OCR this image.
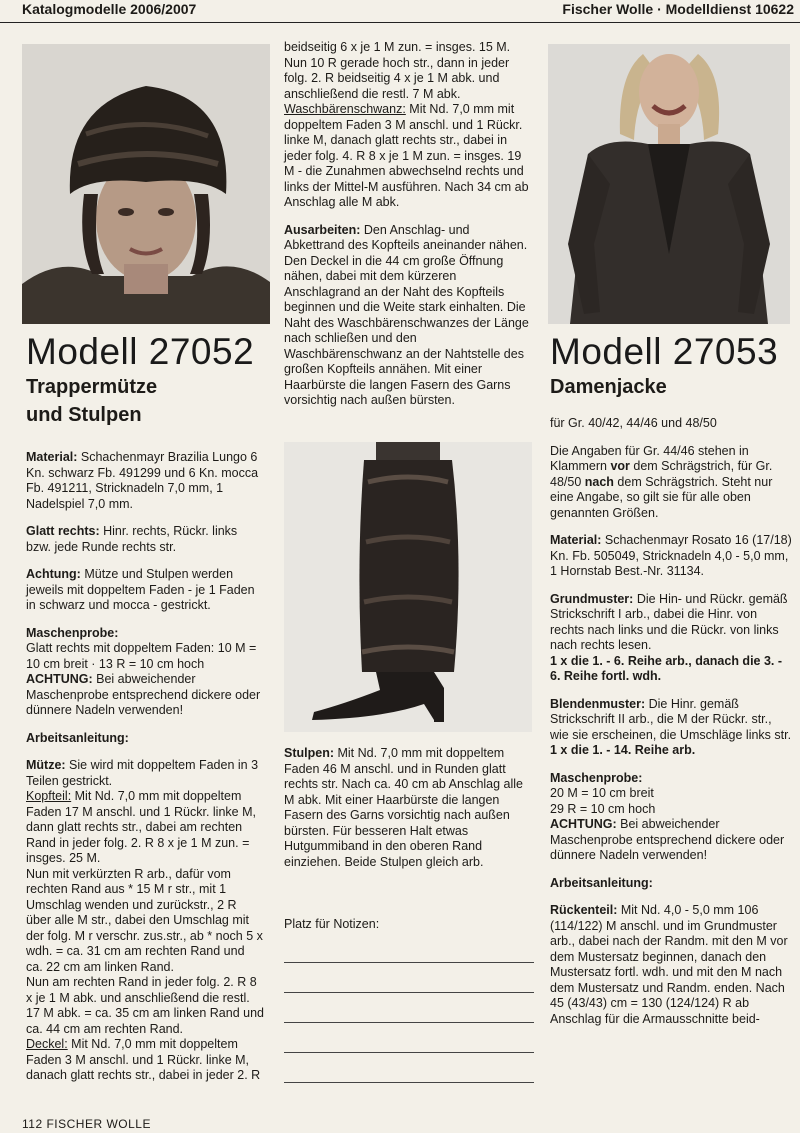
Katalogmodelle 2006/2007	Fischer Wolle · Modelldienst 10622
Modell 27052
Trappermütze
und Stulpen

Material: Schachenmayr Brazilia Lungo 6 Kn. schwarz Fb. 491299 und 6 Kn. mocca Fb. 491211, Stricknadeln 7,0 mm, 1 Nadelspiel 7,0 mm.

Glatt rechts: Hinr. rechts, Rückr. links bzw. jede Runde rechts str.

Achtung: Mütze und Stulpen werden jeweils mit doppeltem Faden - je 1 Faden in schwarz und mocca - gestrickt.

Maschenprobe:
Glatt rechts mit doppeltem Faden: 10 M = 10 cm breit · 13 R = 10 cm hoch
ACHTUNG: Bei abweichender Maschenprobe entsprechend dickere oder dünnere Nadeln verwenden!

Arbeitsanleitung:

Mütze: Sie wird mit doppeltem Faden in 3 Teilen gestrickt.
Kopfteil: Mit Nd. 7,0 mm mit doppeltem Faden 17 M anschl. und 1 Rückr. linke M, dann glatt rechts str., dabei am rechten Rand in jeder folg. 2. R 8 x je 1 M zun. = insges. 25 M.
Nun mit verkürzten R arb., dafür vom rechten Rand aus * 15 M r str., mit 1 Umschlag wenden und zurückstr., 2 R über alle M str., dabei den Umschlag mit der folg. M r verschr. zus.str., ab * noch 5 x wdh. = ca. 31 cm am rechten Rand und ca. 22 cm am linken Rand.
Nun am rechten Rand in jeder folg. 2. R 8 x je 1 M abk. und anschließend die restl. 17 M abk. = ca. 35 cm am linken Rand und ca. 44 cm am rechten Rand.
Deckel: Mit Nd. 7,0 mm mit doppeltem Faden 3 M anschl. und 1 Rückr. linke M, danach glatt rechts str., dabei in jeder 2. R

beidseitig 6 x je 1 M zun. = insges. 15 M. Nun 10 R gerade hoch str., dann in jeder folg. 2. R beidseitig 4 x je 1 M abk. und anschließend die restl. 7 M abk.
Waschbärenschwanz: Mit Nd. 7,0 mm mit doppeltem Faden 3 M anschl. und 1 Rückr. linke M, danach glatt rechts str., dabei in jeder folg. 4. R 8 x je 1 M zun. = insges. 19 M - die Zunahmen abwechselnd rechts und links der Mittel-M ausführen. Nach 34 cm ab Anschlag alle M abk.

Ausarbeiten: Den Anschlag- und Abkettrand des Kopfteils aneinander nähen. Den Deckel in die 44 cm große Öffnung nähen, dabei mit dem kürzeren Anschlagrand an der Naht des Kopfteils beginnen und die Weite stark einhalten. Die Naht des Waschbärenschwanzes der Länge nach schließen und den Waschbärenschwanz an der Nahtstelle des großen Kopfteils annähen. Mit einer Haarbürste die langen Fasern des Garns vorsichtig nach außen bürsten.

Stulpen: Mit Nd. 7,0 mm mit doppeltem Faden 46 M anschl. und in Runden glatt rechts str. Nach ca. 40 cm ab Anschlag alle M abk. Mit einer Haarbürste die langen Fasern des Garns vorsichtig nach außen bürsten. Für besseren Halt etwas Hutgummiband in den oberen Rand einziehen. Beide Stulpen gleich arb.

Platz für Notizen:
Modell 27053
Damenjacke

für Gr. 40/42, 44/46 und 48/50

Die Angaben für Gr. 44/46 stehen in Klammern vor dem Schrägstrich, für Gr. 48/50 nach dem Schrägstrich. Steht nur eine Angabe, so gilt sie für alle oben genannten Größen.

Material: Schachenmayr Rosato 16 (17/18) Kn. Fb. 505049, Stricknadeln 4,0 - 5,0 mm, 1 Hornstab Best.-Nr. 31134.

Grundmuster: Die Hin- und Rückr. gemäß Strickschrift I arb., dabei die Hinr. von rechts nach links und die Rückr. von links nach rechts lesen.
1 x die 1. - 6. Reihe arb., danach die 3. - 6. Reihe fortl. wdh.

Blendenmuster: Die Hinr. gemäß Strickschrift II arb., die M der Rückr. str., wie sie erscheinen, die Umschläge links str.
1 x die 1. - 14. Reihe arb.

Maschenprobe:
20 M = 10 cm breit
29 R = 10 cm hoch
ACHTUNG: Bei abweichender Maschenprobe entsprechend dickere oder dünnere Nadeln verwenden!

Arbeitsanleitung:

Rückenteil: Mit Nd. 4,0 - 5,0 mm 106 (114/122) M anschl. und im Grundmuster arb., dabei nach der Randm. mit den M vor dem Mustersatz beginnen, danach den Mustersatz fortl. wdh. und mit den M nach dem Mustersatz und Randm. enden. Nach 45 (43/43) cm = 130 (124/124) R ab Anschlag für die Armausschnitte beid-

112 FISCHER WOLLE
